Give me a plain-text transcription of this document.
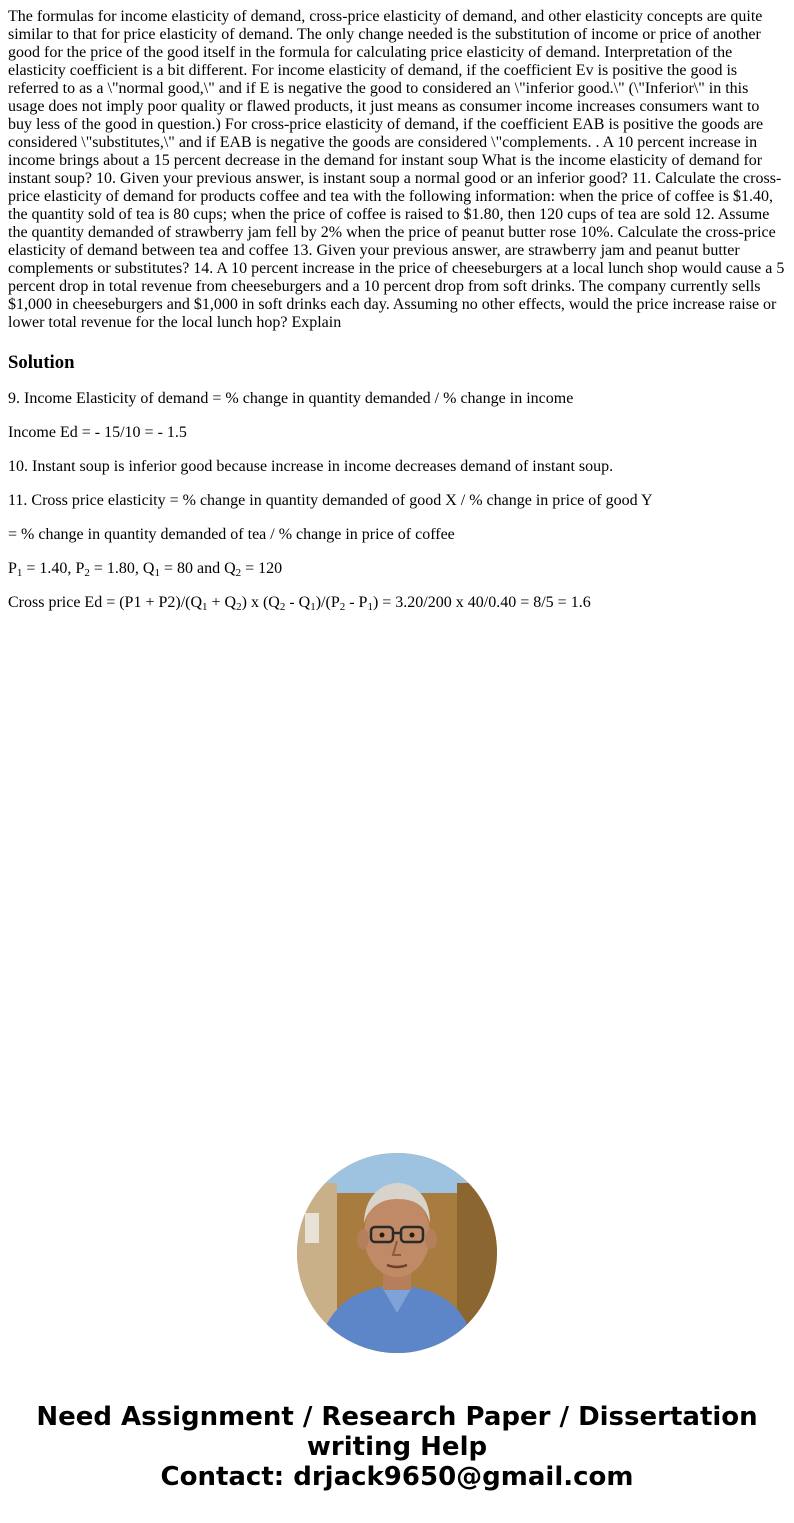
The formulas for income elasticity of demand, cross-price elasticity of demand, and other elasticity concepts are quite similar to that for price elasticity of demand. The only change needed is the substitution of income or price of another good for the price of the good itself in the formula for calculating price elasticity of demand. Interpretation of the elasticity coefficient is a bit different. For income elasticity of demand, if the coefficient Ev is positive the good is referred to as a \"normal good,\" and if E is negative the good to considered an \"inferior good.\" (\"Inferior\" in this usage does not imply poor quality or flawed products, it just means as consumer income increases consumers want to buy less of the good in question.) For cross-price elasticity of demand, if the coefficient EAB is positive the goods are considered \"substitutes,\" and if EAB is negative the goods are considered \"complements. . A 10 percent increase in income brings about a 15 percent decrease in the demand for instant soup What is the income elasticity of demand for instant soup? 10. Given your previous answer, is instant soup a normal good or an inferior good? 11. Calculate the cross-price elasticity of demand for products coffee and tea with the following information: when the price of coffee is $1.40, the quantity sold of tea is 80 cups; when the price of coffee is raised to $1.80, then 120 cups of tea are sold 12. Assume the quantity demanded of strawberry jam fell by 2% when the price of peanut butter rose 10%. Calculate the cross-price elasticity of demand between tea and coffee 13. Given your previous answer, are strawberry jam and peanut butter complements or substitutes? 14. A 10 percent increase in the price of cheeseburgers at a local lunch shop would cause a 5 percent drop in total revenue from cheeseburgers and a 10 percent drop from soft drinks. The company currently sells $1,000 in cheeseburgers and $1,000 in soft drinks each day. Assuming no other effects, would the price increase raise or lower total revenue for the local lunch hop? Explain

Solution

9. Income Elasticity of demand = % change in quantity demanded / % change in income

Income Ed = - 15/10 = - 1.5

10. Instant soup is inferior good because increase in income decreases demand of instant soup.

11. Cross price elasticity = % change in quantity demanded of good X / % change in price of good Y

= % change in quantity demanded of tea / % change in price of coffee

$P_1 = 1.40$, $P_2 = 1.80$, $Q_1 = 80$ and $Q_2 = 120$

Cross price $Ed = (P1 + P2)/(Q_1 + Q_2)$ x $(Q_2 - Q_1)/(P_2 - P_1) = 3.20/200$ x 40/0.40 = 8/5 = 1.6

Need Assignment / Research Paper / Dissertation
writing Help
Contact: drjack9650@gmail.com
